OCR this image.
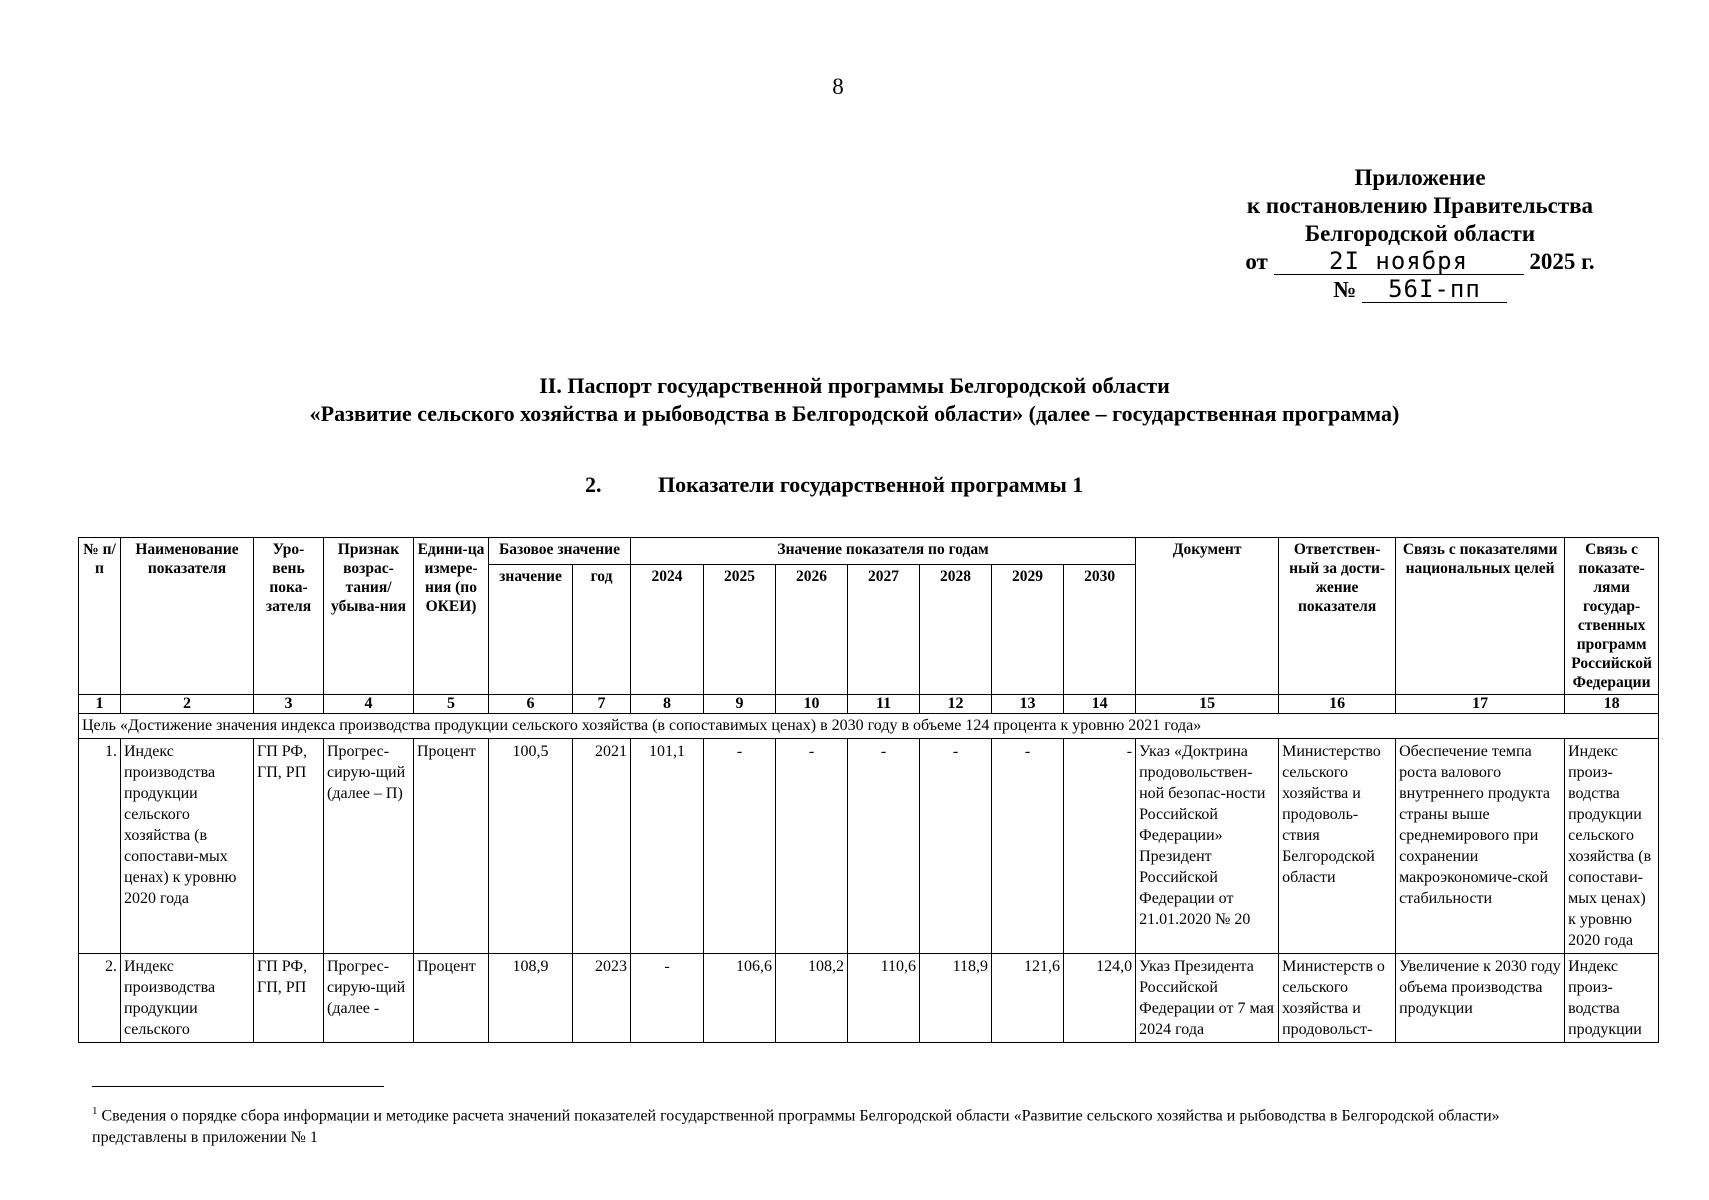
8
Приложение
к постановлению Правительства
Белгородской области
от	2I ноября	2025 г.
№ 56I-пп
II. Паспорт государственной программы Белгородской области
«Развитие сельского хозяйства и рыбоводства в Белгородской области» (далее – государственная программа)
2.	Показатели государственной программы 1
№ п/п	Наименование показателя	Уро-вень пока-зателя	Признак возрас-тания/ убыва-ния	Едини-ца измере-ния (по ОКЕИ)	Базовое значение		Значение показателя по годам							Документ	Ответствен-ный за дости-жение показателя	Связь с показателями национальных целей	Связь с показате-лями государ-ственных программ Российской Федерации
					значение	год	2024	2025	2026	2027	2028	2029	2030				
1	2	3	4	5	6	7	8	9	10	11	12	13	14	15	16	17	18
Цель «Достижение значения индекса производства продукции сельского хозяйства (в сопоставимых ценах) в 2030 году в объеме 124 процента к уровню 2021 года»																	
1.	Индекс производства продукции сельского хозяйства (в сопостави-мых ценах) к уровню 2020 года	ГП РФ, ГП, РП	Прогрес-сирую-щий (далее – П)	Процент	100,5	2021	101,1	-	-	-	-	-	-	Указ «Доктрина продовольствен-ной безопас-ности Российской Федерации» Президент Российской Федерации от 21.01.2020 № 20	Министерство сельского хозяйства и продоволь-ствия Белгородской области	Обеспечение темпа роста валового внутреннего продукта страны выше среднемирового при сохранении макроэкономиче-ской стабильности	Индекс произ-водства продукции сельского хозяйства (в сопостави-мых ценах) к уровню 2020 года
2.	Индекс производства продукции сельского	ГП РФ, ГП, РП	Прогрес-сирую-щий (далее -	Процент	108,9	2023	-	106,6	108,2	110,6	118,9	121,6	124,0	Указ Президента Российской Федерации от 7 мая 2024 года	Министерств о сельского хозяйства и продовольст-	Увеличение к 2030 году объема производства продукции	Индекс произ-водства продукции
$^1$ Сведения о порядке сбора информации и методике расчета значений показателей государственной программы Белгородской области «Развитие сельского хозяйства и рыбоводства в Белгородской области» представлены в приложении № 1
